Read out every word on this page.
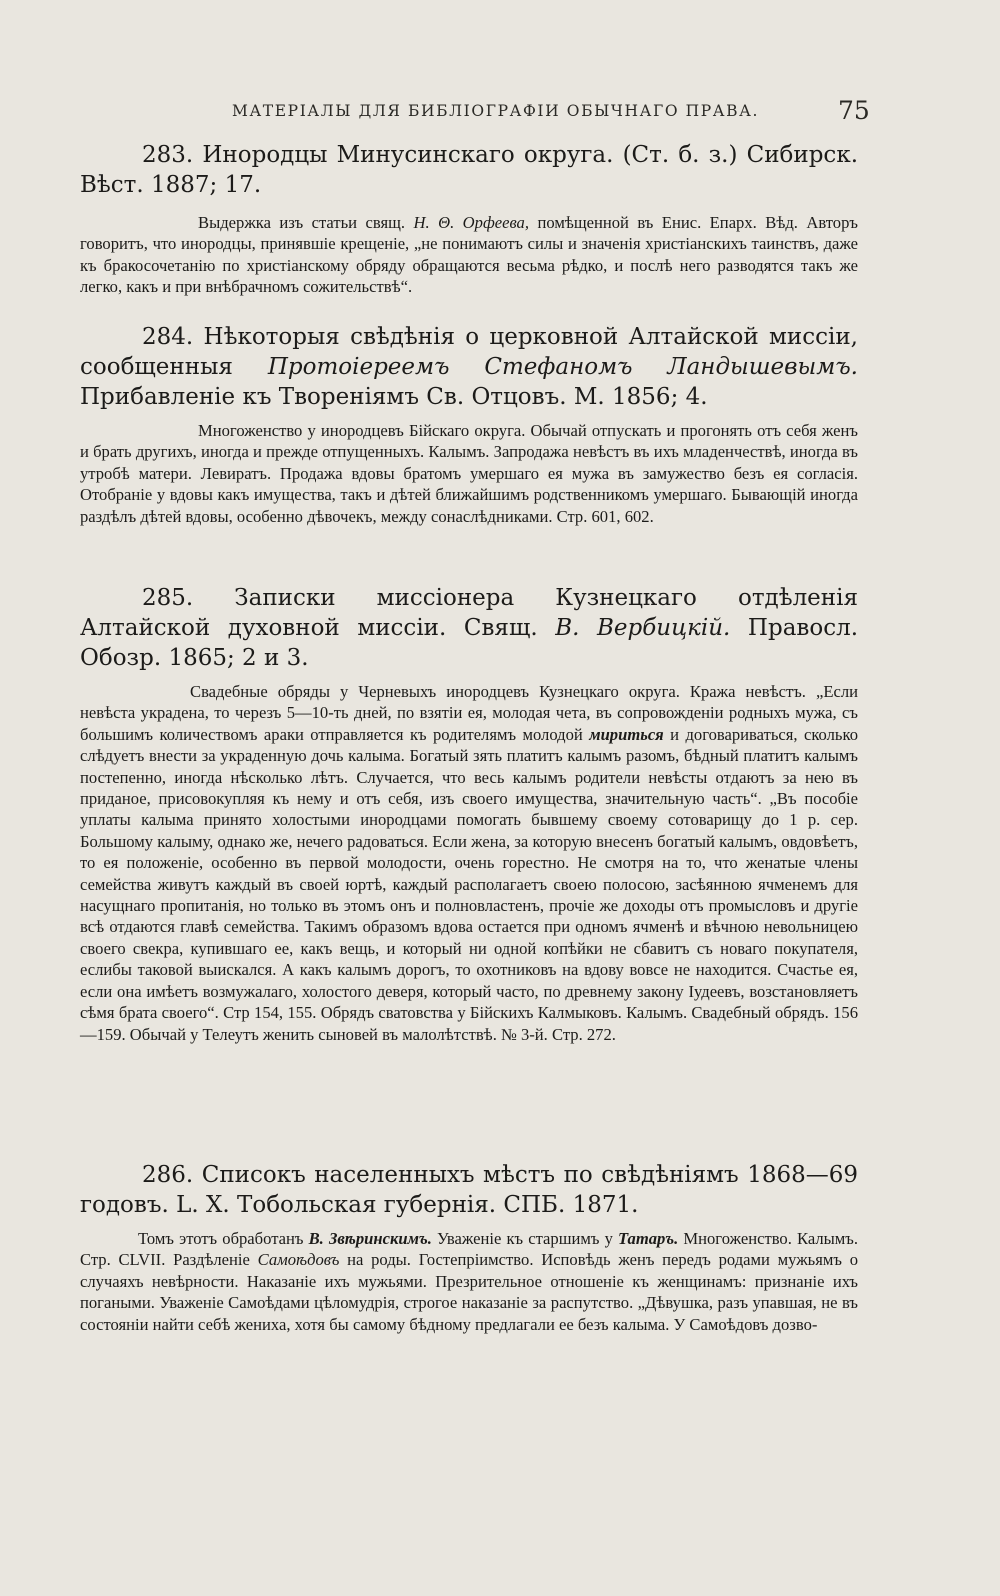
МАТЕРІАЛЫ ДЛЯ БИБЛІОГРАФІИ ОБЫЧНАГО ПРАВА.	75

283. Инородцы Минусинскаго округа. (Ст. б. з.) Сибирск. Вѣст. 1887; 17.

Выдержка изъ статьи свящ. Н. Θ. Орфеева, помѣщенной въ Енис. Епарх. Вѣд. Авторъ говоритъ, что инородцы, принявшіе крещеніе, „не понимаютъ силы и значенія христіанскихъ таинствъ, даже къ бракосочетанію по христіанскому обряду обращаются весьма рѣдко, и послѣ него разводятся такъ же легко, какъ и при внѣбрачномъ сожительствѣ“.

284. Нѣкоторыя свѣдѣнія о церковной Алтайской миссіи, сообщенныя Протоіереемъ Стефаномъ Ландышевымъ. Прибавленіе къ Твореніямъ Св. Отцовъ. М. 1856; 4.

Многоженство у инородцевъ Бійскаго округа. Обычай отпускать и прогонять отъ себя женъ и брать другихъ, иногда и прежде отпущенныхъ. Калымъ. Запродажа невѣстъ въ ихъ младенчествѣ, иногда въ утробѣ матери. Левиратъ. Продажа вдовы братомъ умершаго ея мужа въ замужество безъ ея согласія. Отобраніе у вдовы какъ имущества, такъ и дѣтей ближайшимъ родственникомъ умершаго. Бывающій иногда раздѣлъ дѣтей вдовы, особенно дѣвочекъ, между сонаслѣдниками. Стр. 601, 602.

285. Записки миссіонера Кузнецкаго отдѣленія Алтайской духовной миссіи. Свящ. В. Вербицкій. Правосл. Обозр. 1865; 2 и 3.

Свадебные обряды у Черневыхъ инородцевъ Кузнецкаго округа. Кража невѣстъ. „Если невѣста украдена, то черезъ 5—10-ть дней, по взятіи ея, молодая чета, въ сопровожденіи родныхъ мужа, съ большимъ количествомъ араки отправляется къ родителямъ молодой мириться и договариваться, сколько слѣдуетъ внести за украденную дочь калыма. Богатый зять платитъ калымъ разомъ, бѣдный платитъ калымъ постепенно, иногда нѣсколько лѣтъ. Случается, что весь калымъ родители невѣсты отдаютъ за нею въ приданое, присовокупляя къ нему и отъ себя, изъ своего имущества, значительную часть“. „Въ пособіе уплаты калыма принято холостыми инородцами помогать бывшему своему сотоварищу до 1 р. сер. Большому калыму, однако же, нечего радоваться. Если жена, за которую внесенъ богатый калымъ, овдовѣетъ, то ея положеніе, особенно въ первой молодости, очень горестно. Не смотря на то, что женатые члены семейства живутъ каждый въ своей юртѣ, каждый располагаетъ своею полосою, засѣянною ячменемъ для насущнаго пропитанія, но только въ этомъ онъ и полновластенъ, прочіе же доходы отъ промысловъ и другіе всѣ отдаются главѣ семейства. Такимъ образомъ вдова остается при одномъ ячменѣ и вѣчною невольницею своего свекра, купившаго ее, какъ вещь, и который ни одной копѣйки не сбавитъ съ новаго покупателя, еслибы таковой выискался. А какъ калымъ дорогъ, то охотниковъ на вдову вовсе не находится. Счастье ея, если она имѣетъ возмужалаго, холостого деверя, который часто, по древнему закону Іудеевъ, возстановляетъ сѣмя брата своего“. Стр 154, 155. Обрядъ сватовства у Бійскихъ Калмыковъ. Калымъ. Свадебный обрядъ. 156—159. Обычай у Телеутъ женить сыновей въ малолѣтствѣ. № 3-й. Стр. 272.

286. Списокъ населенныхъ мѣстъ по свѣдѣніямъ 1868—69 годовъ. L. X. Тобольская губернія. СПБ. 1871.

Томъ этотъ обработанъ В. Звѣринскимъ. Уваженіе къ старшимъ у Татаръ. Многоженство. Калымъ. Стр. CLVII. Раздѣленіе Самоѣдовъ на роды. Гостепріимство. Исповѣдь женъ передъ родами мужьямъ о случаяхъ невѣрности. Наказаніе ихъ мужьями. Презрительное отношеніе къ женщинамъ: признаніе ихъ погаными. Уваженіе Самоѣдами цѣломудрія, строгое наказаніе за распутство. „Дѣвушка, разъ упавшая, не въ состояніи найти себѣ жениха, хотя бы самому бѣдному предлагали ее безъ калыма. У Самоѣдовъ дозво-
